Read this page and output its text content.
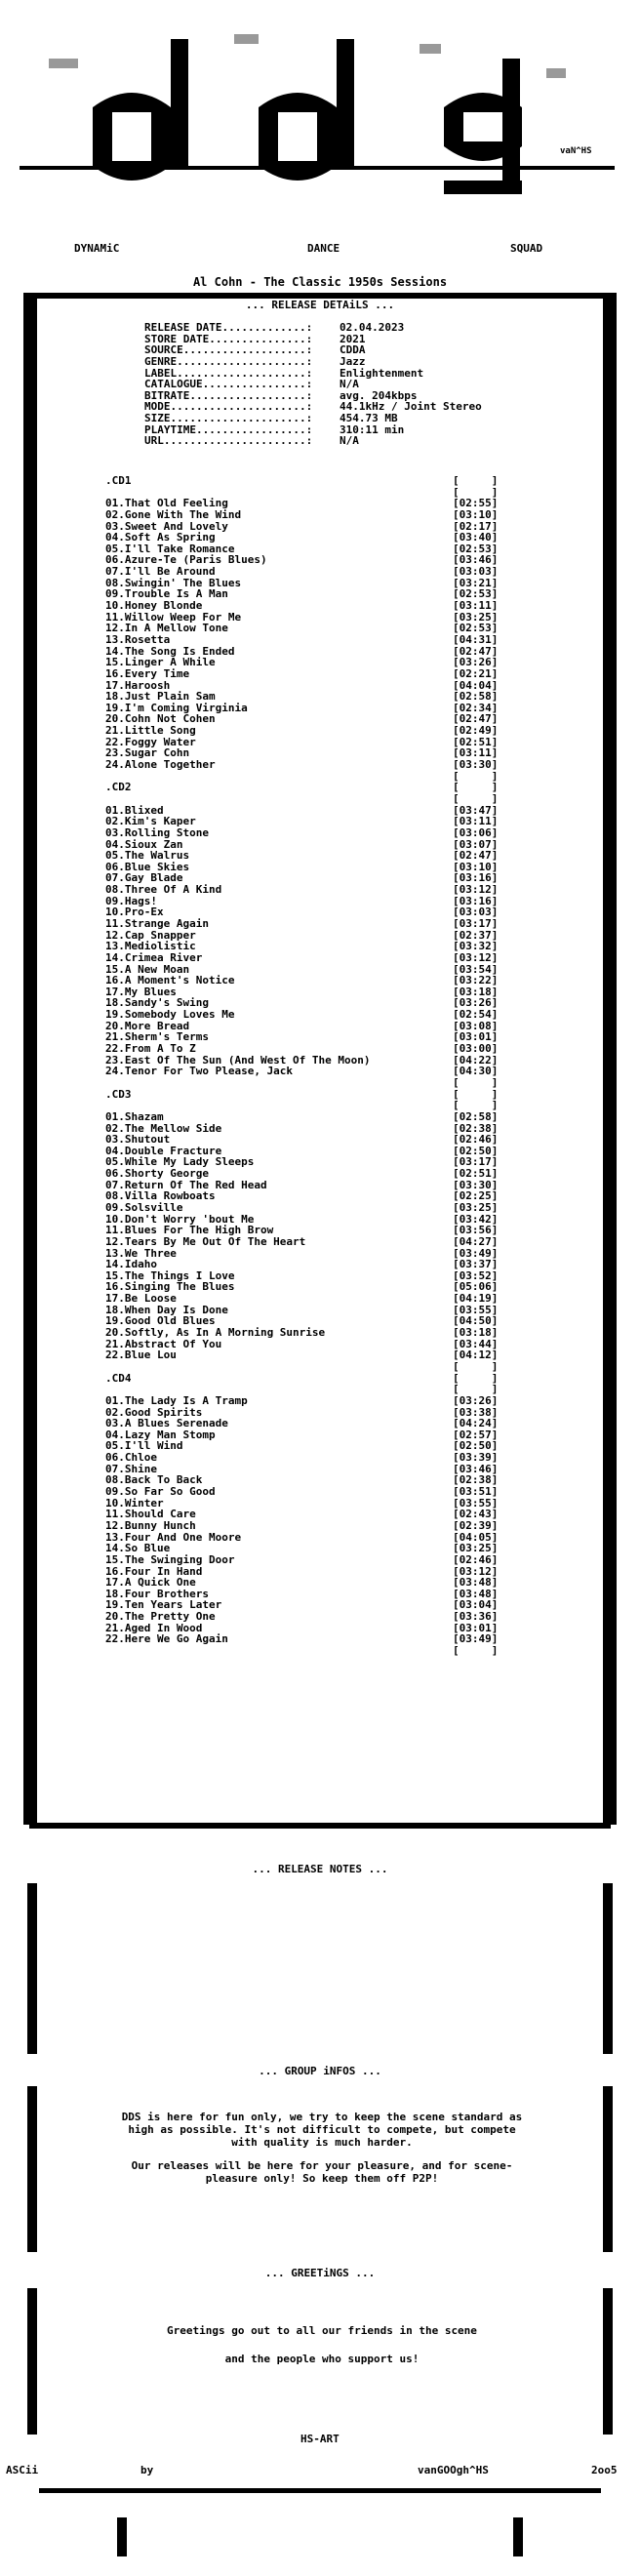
DYNAMiC	DANCE	SQUAD
vaN^HS
Al Cohn - The Classic 1950s Sessions
... RELEASE DETAiLS ...
RELEASE DATE.............:	02.04.2023
STORE DATE...............:	2021
SOURCE...................:	CDDA
GENRE....................:	Jazz
LABEL....................:	Enlightenment
CATALOGUE................:	N/A
BITRATE..................:	avg. 204kbps
MODE.....................:	44.1kHz / Joint Stereo
SIZE.....................:	454.73 MB
PLAYTIME.................:	310:11 min
URL......................:	N/A
.CD1	[     ]
[     ]
01.That Old Feeling	[02:55]
02.Gone With The Wind	[03:10]
03.Sweet And Lovely	[02:17]
04.Soft As Spring	[03:40]
05.I'll Take Romance	[02:53]
06.Azure-Te (Paris Blues)	[03:46]
07.I'll Be Around	[03:03]
08.Swingin' The Blues	[03:21]
09.Trouble Is A Man	[02:53]
10.Honey Blonde	[03:11]
11.Willow Weep For Me	[03:25]
12.In A Mellow Tone	[02:53]
13.Rosetta	[04:31]
14.The Song Is Ended	[02:47]
15.Linger A While	[03:26]
16.Every Time	[02:21]
17.Haroosh	[04:04]
18.Just Plain Sam	[02:58]
19.I'm Coming Virginia	[02:34]
20.Cohn Not Cohen	[02:47]
21.Little Song	[02:49]
22.Foggy Water	[02:51]
23.Sugar Cohn	[03:11]
24.Alone Together	[03:30]
[     ]
.CD2	[     ]
[     ]
01.Blixed	[03:47]
02.Kim's Kaper	[03:11]
03.Rolling Stone	[03:06]
04.Sioux Zan	[03:07]
05.The Walrus	[02:47]
06.Blue Skies	[03:10]
07.Gay Blade	[03:16]
08.Three Of A Kind	[03:12]
09.Hags!	[03:16]
10.Pro-Ex	[03:03]
11.Strange Again	[03:17]
12.Cap Snapper	[02:37]
13.Mediolistic	[03:32]
14.Crimea River	[03:12]
15.A New Moan	[03:54]
16.A Moment's Notice	[03:22]
17.My Blues	[03:18]
18.Sandy's Swing	[03:26]
19.Somebody Loves Me	[02:54]
20.More Bread	[03:08]
21.Sherm's Terms	[03:01]
22.From A To Z	[03:00]
23.East Of The Sun (And West Of The Moon)	[04:22]
24.Tenor For Two Please, Jack	[04:30]
[     ]
.CD3	[     ]
[     ]
01.Shazam	[02:58]
02.The Mellow Side	[02:38]
03.Shutout	[02:46]
04.Double Fracture	[02:50]
05.While My Lady Sleeps	[03:17]
06.Shorty George	[02:51]
07.Return Of The Red Head	[03:30]
08.Villa Rowboats	[02:25]
09.Solsville	[03:25]
10.Don't Worry 'bout Me	[03:42]
11.Blues For The High Brow	[03:56]
12.Tears By Me Out Of The Heart	[04:27]
13.We Three	[03:49]
14.Idaho	[03:37]
15.The Things I Love	[03:52]
16.Singing The Blues	[05:06]
17.Be Loose	[04:19]
18.When Day Is Done	[03:55]
19.Good Old Blues	[04:50]
20.Softly, As In A Morning Sunrise	[03:18]
21.Abstract Of You	[03:44]
22.Blue Lou	[04:12]
[     ]
.CD4	[     ]
[     ]
01.The Lady Is A Tramp	[03:26]
02.Good Spirits	[03:38]
03.A Blues Serenade	[04:24]
04.Lazy Man Stomp	[02:57]
05.I'll Wind	[02:50]
06.Chloe	[03:39]
07.Shine	[03:46]
08.Back To Back	[02:38]
09.So Far So Good	[03:51]
10.Winter	[03:55]
11.Should Care	[02:43]
12.Bunny Hunch	[02:39]
13.Four And One Moore	[04:05]
14.So Blue	[03:25]
15.The Swinging Door	[02:46]
16.Four In Hand	[03:12]
17.A Quick One	[03:48]
18.Four Brothers	[03:48]
19.Ten Years Later	[03:04]
20.The Pretty One	[03:36]
21.Aged In Wood	[03:01]
22.Here We Go Again	[03:49]
[     ]
... RELEASE NOTES ...
... GROUP iNFOS ...
DDS is here for fun only, we try to keep the scene standard as high as possible. It's not difficult to compete, but compete with quality is much harder.
Our releases will be here for your pleasure, and for scene-pleasure only! So keep them off P2P!
... GREETiNGS ...
Greetings go out to all our friends in the scene
and the people who support us!
HS-ART
ASCii	by	vanGOOgh^HS	2oo5
